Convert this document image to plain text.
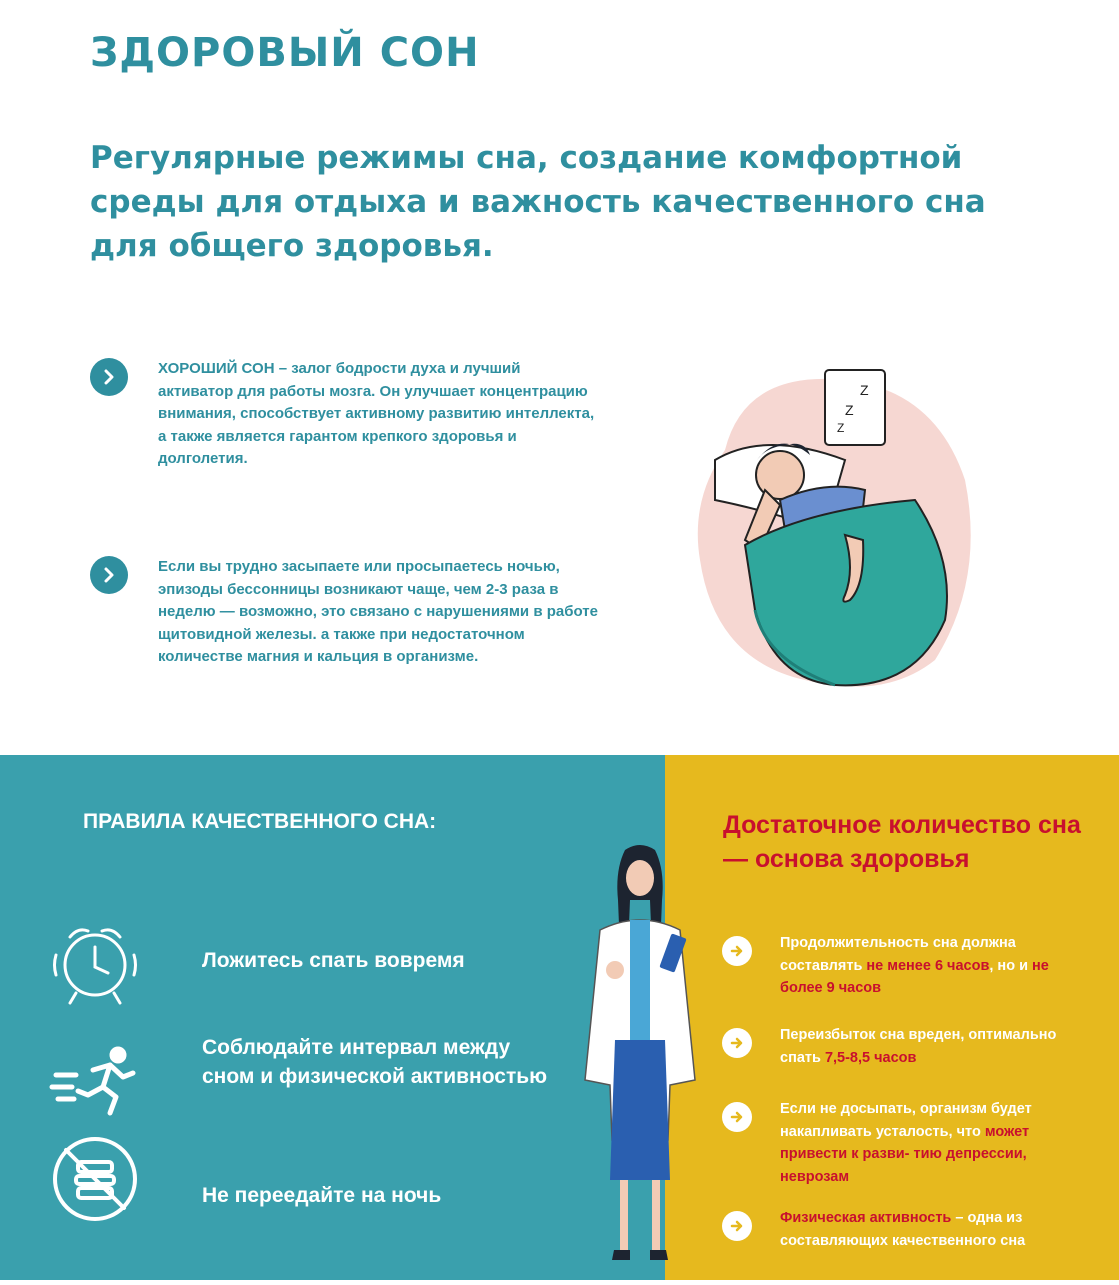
ЗДОРОВЫЙ СОН
Регулярные режимы сна, создание комфортной среды для отдыха и важность качественного сна для общего здоровья.
ХОРОШИЙ СОН – залог бодрости духа и лучший активатор для работы мозга. Он улучшает концентрацию внимания, способствует активному развитию интеллекта, а также является гарантом крепкого здоровья и долголетия.
Если вы трудно засыпаете или просыпаетесь ночью, эпизоды бессонницы возникают чаще, чем 2-3 раза в неделю — возможно, это связано с нарушениями в работе щитовидной железы. а также при недостаточном количестве магния и кальция в организме.
Z
Z
Z
ПРАВИЛА КАЧЕСТВЕННОГО СНА:
Ложитесь спать вовремя
Соблюдайте интервал между сном и физической активностью
Не переедайте на ночь
Достаточное количество сна — основа здоровья
Продолжительность сна должна составлять не менее 6 часов, но и не более 9 часов
Переизбыток сна вреден, оптимально спать 7,5-8,5 часов
Если не досыпать, организм будет накапливать усталость, что может привести к разви- тию депрессии, неврозам
Физическая активность – одна из составляющих качественного сна
